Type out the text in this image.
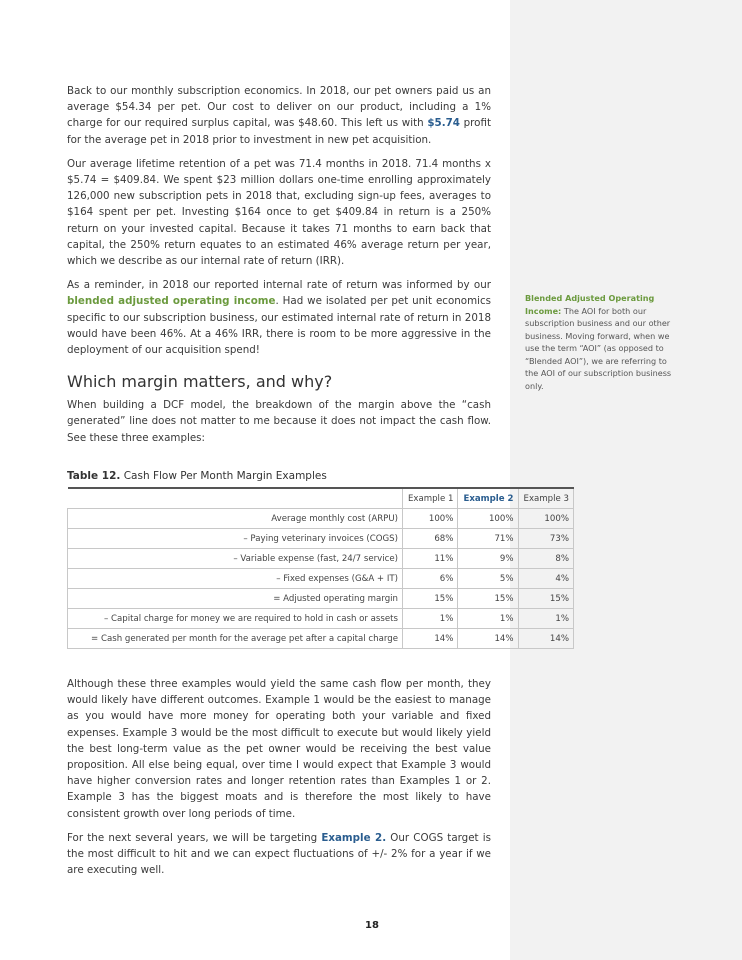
Back to our monthly subscription economics. In 2018, our pet owners paid us an average $54.34 per pet. Our cost to deliver on our product, including a 1% charge for our required surplus capital, was $48.60. This left us with $5.74 profit for the average pet in 2018 prior to investment in new pet acquisition.

Our average lifetime retention of a pet was 71.4 months in 2018. 71.4 months x $5.74 = $409.84. We spent $23 million dollars one-time enrolling approximately 126,000 new subscription pets in 2018 that, excluding sign-up fees, averages to $164 spent per pet. Investing $164 once to get $409.84 in return is a 250% return on your invested capital. Because it takes 71 months to earn back that capital, the 250% return equates to an estimated 46% average return per year, which we describe as our internal rate of return (IRR).

As a reminder, in 2018 our reported internal rate of return was informed by our blended adjusted operating income. Had we isolated per pet unit economics specific to our subscription business, our estimated internal rate of return in 2018 would have been 46%. At a 46% IRR, there is room to be more aggressive in the deployment of our acquisition spend!

Which margin matters, and why?

When building a DCF model, the breakdown of the margin above the “cash generated” line does not matter to me because it does not impact the cash flow. See these three examples:

Blended Adjusted Operating Income: The AOI for both our subscription business and our other business. Moving forward, when we use the term “AOI” (as opposed to “Blended AOI”), we are referring to the AOI of our subscription business only.
Table 12. Cash Flow Per Month Margin Examples
	Example 1	Example 2	Example 3
Average monthly cost (ARPU)	100%	100%	100%
– Paying veterinary invoices (COGS)	68%	71%	73%
– Variable expense (fast, 24/7 service)	11%	9%	8%
– Fixed expenses (G&A + IT)	6%	5%	4%
= Adjusted operating margin	15%	15%	15%
– Capital charge for money we are required to hold in cash or assets	1%	1%	1%
= Cash generated per month for the average pet after a capital charge	14%	14%	14%

Although these three examples would yield the same cash flow per month, they would likely have different outcomes. Example 1 would be the easiest to manage as you would have more money for operating both your variable and fixed expenses. Example 3 would be the most difficult to execute but would likely yield the best long-term value as the pet owner would be receiving the best value proposition. All else being equal, over time I would expect that Example 3 would have higher conversion rates and longer retention rates than Examples 1 or 2. Example 3 has the biggest moats and is therefore the most likely to have consistent growth over long periods of time.

For the next several years, we will be targeting Example 2. Our COGS target is the most difficult to hit and we can expect fluctuations of +/- 2% for a year if we are executing well.

18
